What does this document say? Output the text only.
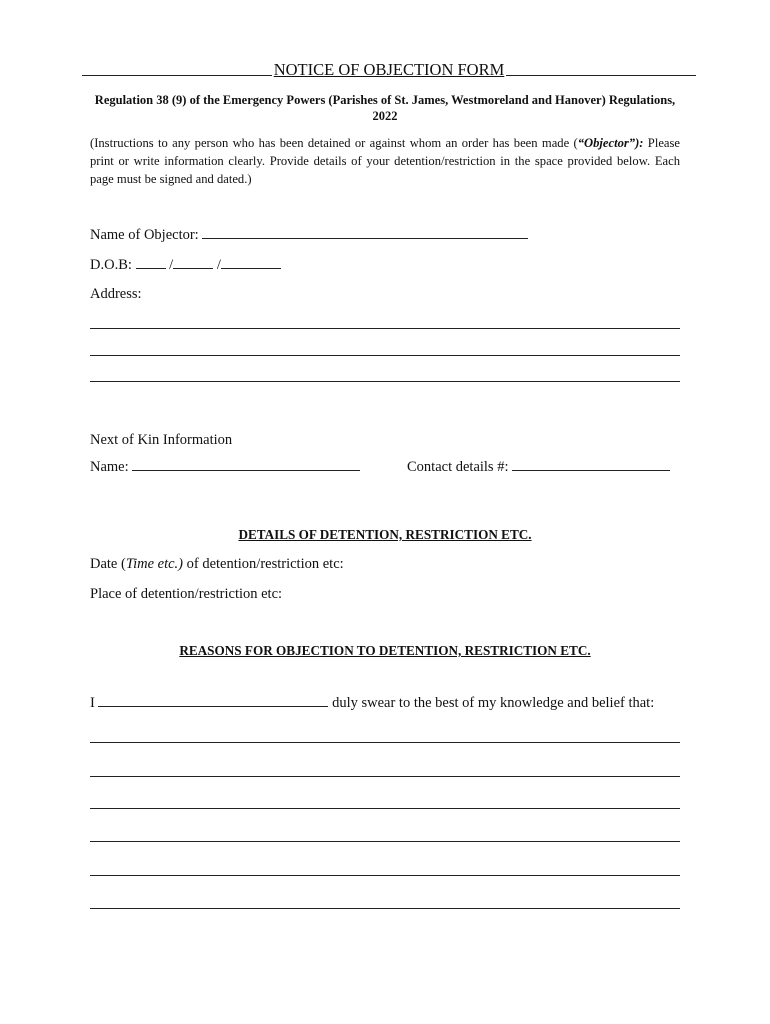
NOTICE OF OBJECTION FORM
Regulation 38 (9) of the Emergency Powers (Parishes of St. James, Westmoreland and Hanover) Regulations, 2022
(Instructions to any person who has been detained or against whom an order has been made (“Objector”): Please print or write information clearly. Provide details of your detention/restriction in the space provided below. Each page must be signed and dated.)
Name of Objector:
D.O.B:	/	/
Address:
Next of Kin Information
Name:	Contact details #:
DETAILS OF DETENTION, RESTRICTION ETC.
Date (Time etc.) of detention/restriction etc:
Place of detention/restriction etc:
REASONS FOR OBJECTION TO DETENTION, RESTRICTION ETC.
I	duly swear to the best of my knowledge and belief that:
